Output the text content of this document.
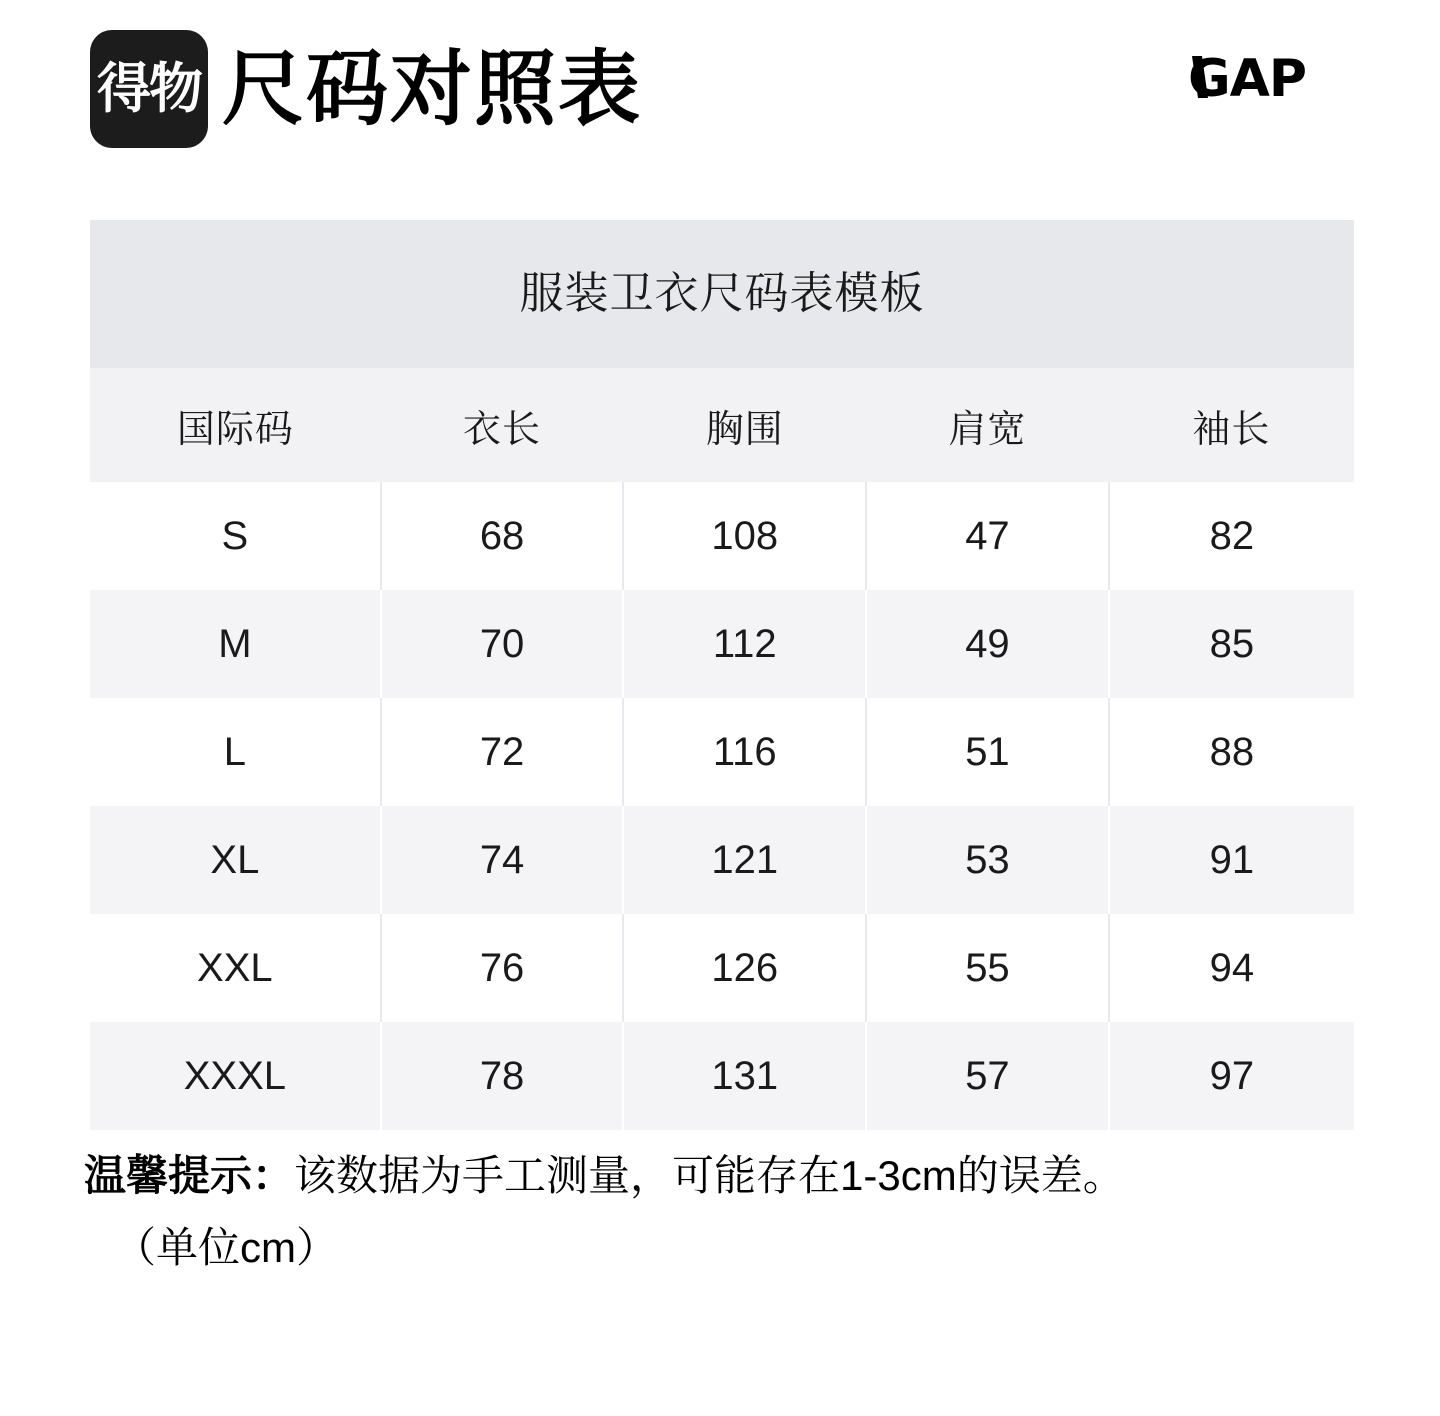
得物 尺码对照表	GAP
服装卫衣尺码表模板
国际码	衣长	胸围	肩宽	袖长
S	68	108	47	82
M	70	112	49	85
L	72	116	51	88
XL	74	121	53	91
XXL	76	126	55	94
XXXL	78	131	57	97
温馨提示：该数据为手工测量，可能存在1-3cm的误差。
（单位cm）
